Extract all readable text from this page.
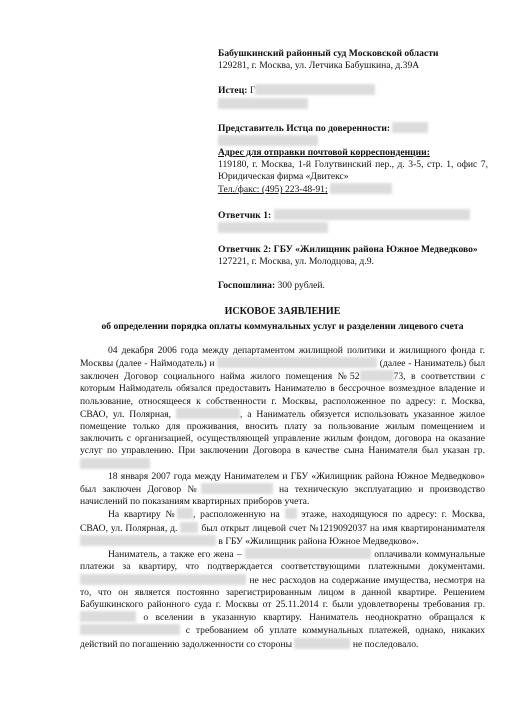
Бабушкинский районный суд Московской области
129281, г. Москва, ул. Летчика Бабушкина, д.39А
Истец: Г
Представитель Истца по доверенности:
Адрес для отправки почтовой корреспонденции:
119180, г. Москва, 1-й Голутвинский пер., д. 3-5, стр. 1, офис 7, Юридическая фирма «Двитекс»
Тел./факс: (495) 223-48-91;
Ответчик 1:
Ответчик 2: ГБУ «Жилищник района Южное Медведково»
127221, г. Москва, ул. Молодцова, д.9.
Госпошлина: 300 рублей.
ИСКОВОЕ ЗАЯВЛЕНИЕ
об определении порядка оплаты коммунальных услуг и разделении лицевого счета

04 декабря 2006 года между департаментом жилищной политики и жилищного фонда г. Москвы (далее - Наймодатель) и	(далее - Наниматель) был заключен Договор социального найма жилого помещения №52	73, в соответствии с которым Наймодатель обязался предоставить Нанимателю в бессрочное возмездное владение и пользование, относящееся к собственности г. Москвы, расположенное по адресу: г. Москва, СВАО, ул. Полярная,	, а Наниматель обязуется использовать указанное жилое помещение только для проживания, вносить плату за пользование жилым помещением и заключить с организацией, осуществляющей управление жилым фондом, договора на оказание услуг по управлению. При заключении Договора в качестве сына Нанимателя был указан гр.

18 января 2007 года между Нанимателем и ГБУ «Жилищник района Южное Медведково» был заключен Договор №	на техническую эксплуатацию и производство начислений по показаниям квартирных приборов учета.

На квартиру № , расположенную на этаже, находящуюся по адресу: г. Москва, СВАО, ул. Полярная, д. был открыт лицевой счет №1219092037 на имя квартиронанимателя  в ГБУ «Жилищник района Южное Медведково».

Наниматель, а также его жена –	оплачивали коммунальные платежи за квартиру, что подтверждается соответствующими платежными документами.  не нес расходов на содержание имущества, несмотря на то, что он является постоянно зарегистрированным лицом в данной квартире. Решением Бабушкинского районного суда г. Москвы от 25.11.2014 г. были удовлетворены требования гр.  о вселении в указанную квартиру. Наниматель неоднократно обращался к  с требованием об уплате коммунальных платежей, однако, никаких действий по погашению задолженности со стороны	не последовало.
